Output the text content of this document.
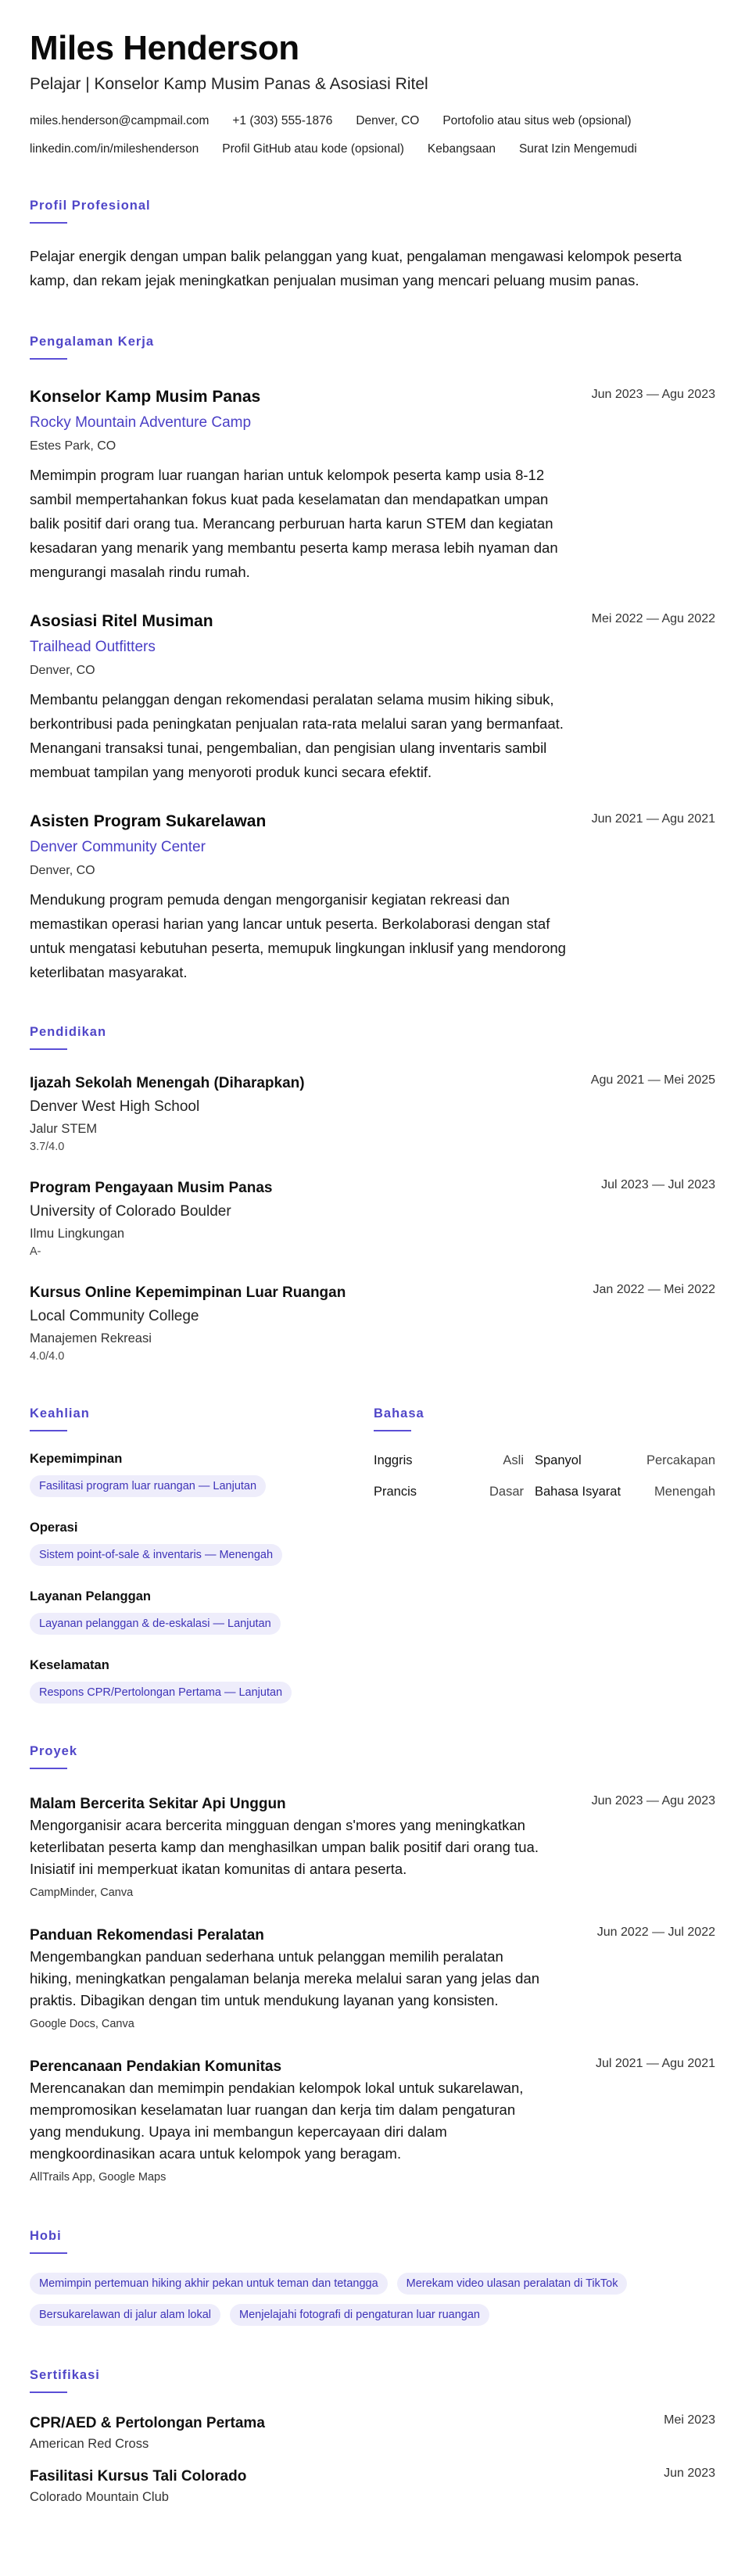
Miles Henderson
Pelajar | Konselor Kamp Musim Panas & Asosiasi Ritel
miles.henderson@campmail.com +1 (303) 555-1876 Denver, CO Portofolio atau situs web (opsional)
linkedin.com/in/mileshenderson Profil GitHub atau kode (opsional) Kebangsaan Surat Izin Mengemudi
Profil Profesional
Pelajar energik dengan umpan balik pelanggan yang kuat, pengalaman mengawasi kelompok peserta kamp, dan rekam jejak meningkatkan penjualan musiman yang mencari peluang musim panas.
Pengalaman Kerja
Konselor Kamp Musim Panas	Jun 2023 — Agu 2023
Rocky Mountain Adventure Camp
Estes Park, CO
Memimpin program luar ruangan harian untuk kelompok peserta kamp usia 8-12 sambil mempertahankan fokus kuat pada keselamatan dan mendapatkan umpan balik positif dari orang tua. Merancang perburuan harta karun STEM dan kegiatan kesadaran yang menarik yang membantu peserta kamp merasa lebih nyaman dan mengurangi masalah rindu rumah.
Asosiasi Ritel Musiman	Mei 2022 — Agu 2022
Trailhead Outfitters
Denver, CO
Membantu pelanggan dengan rekomendasi peralatan selama musim hiking sibuk, berkontribusi pada peningkatan penjualan rata-rata melalui saran yang bermanfaat. Menangani transaksi tunai, pengembalian, dan pengisian ulang inventaris sambil membuat tampilan yang menyoroti produk kunci secara efektif.
Asisten Program Sukarelawan	Jun 2021 — Agu 2021
Denver Community Center
Denver, CO
Mendukung program pemuda dengan mengorganisir kegiatan rekreasi dan memastikan operasi harian yang lancar untuk peserta. Berkolaborasi dengan staf untuk mengatasi kebutuhan peserta, memupuk lingkungan inklusif yang mendorong keterlibatan masyarakat.
Pendidikan
Ijazah Sekolah Menengah (Diharapkan)	Agu 2021 — Mei 2025
Denver West High School
Jalur STEM
3.7/4.0
Program Pengayaan Musim Panas	Jul 2023 — Jul 2023
University of Colorado Boulder
Ilmu Lingkungan
A-
Kursus Online Kepemimpinan Luar Ruangan	Jan 2022 — Mei 2022
Local Community College
Manajemen Rekreasi
4.0/4.0
Keahlian
Kepemimpinan
Fasilitasi program luar ruangan — Lanjutan
Operasi
Sistem point-of-sale & inventaris — Menengah
Layanan Pelanggan
Layanan pelanggan & de-eskalasi — Lanjutan
Keselamatan
Respons CPR/Pertolongan Pertama — Lanjutan
Bahasa
Inggris	Asli Spanyol	Percakapan
Prancis	Dasar Bahasa Isyarat	Menengah
Proyek
Malam Bercerita Sekitar Api Unggun	Jun 2023 — Agu 2023
Mengorganisir acara bercerita mingguan dengan s'mores yang meningkatkan keterlibatan peserta kamp dan menghasilkan umpan balik positif dari orang tua. Inisiatif ini memperkuat ikatan komunitas di antara peserta.
CampMinder, Canva
Panduan Rekomendasi Peralatan	Jun 2022 — Jul 2022
Mengembangkan panduan sederhana untuk pelanggan memilih peralatan hiking, meningkatkan pengalaman belanja mereka melalui saran yang jelas dan praktis. Dibagikan dengan tim untuk mendukung layanan yang konsisten.
Google Docs, Canva
Perencanaan Pendakian Komunitas	Jul 2021 — Agu 2021
Merencanakan dan memimpin pendakian kelompok lokal untuk sukarelawan, mempromosikan keselamatan luar ruangan dan kerja tim dalam pengaturan yang mendukung. Upaya ini membangun kepercayaan diri dalam mengkoordinasikan acara untuk kelompok yang beragam.
AllTrails App, Google Maps
Hobi
Memimpin pertemuan hiking akhir pekan untuk teman dan tetangga	Merekam video ulasan peralatan di TikTok
Bersukarelawan di jalur alam lokal	Menjelajahi fotografi di pengaturan luar ruangan
Sertifikasi
CPR/AED & Pertolongan Pertama	Mei 2023
American Red Cross
Fasilitasi Kursus Tali Colorado	Jun 2023
Colorado Mountain Club
